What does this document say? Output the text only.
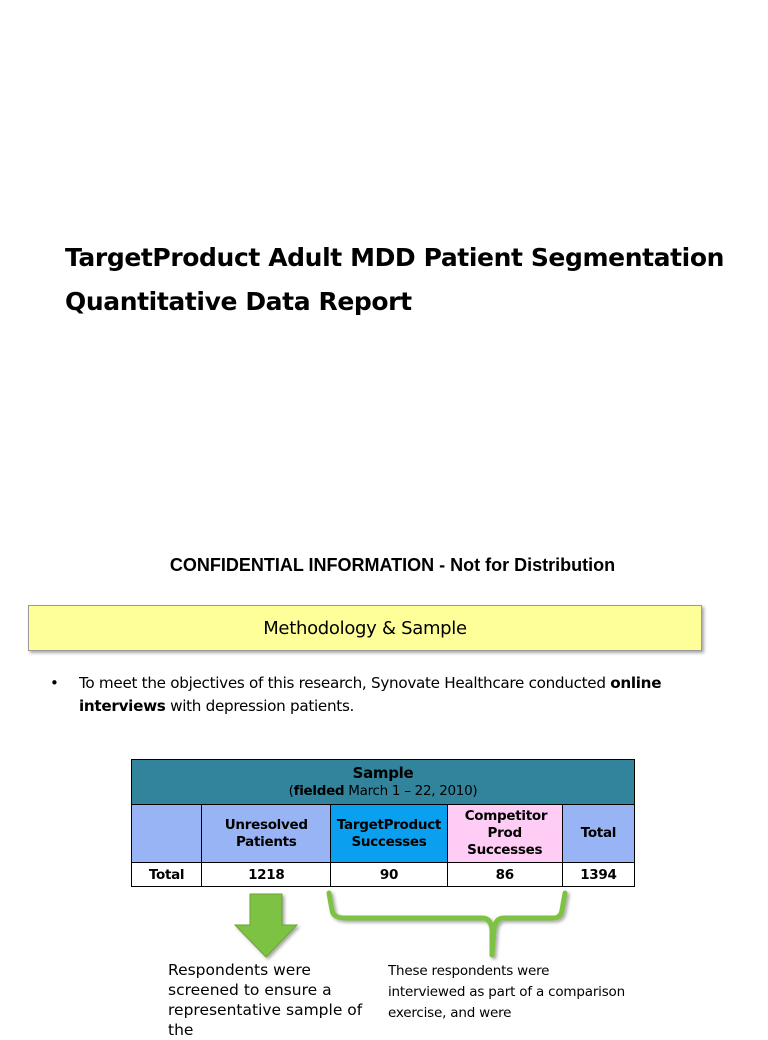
TargetProduct Adult MDD Patient Segmentation
Quantitative Data Report
CONFIDENTIAL INFORMATION - Not for Distribution
Methodology & Sample
• To meet the objectives of this research, Synovate Healthcare conducted online interviews with depression patients.
Sample
(fielded March 1 – 22, 2010)				

	Unresolved Patients	TargetProduct Successes	Competitor Prod Successes	Total
Total	1218	90	86	1394
Respondents were screened to ensure a representative sample of the
These respondents were interviewed as part of a comparison exercise, and were
